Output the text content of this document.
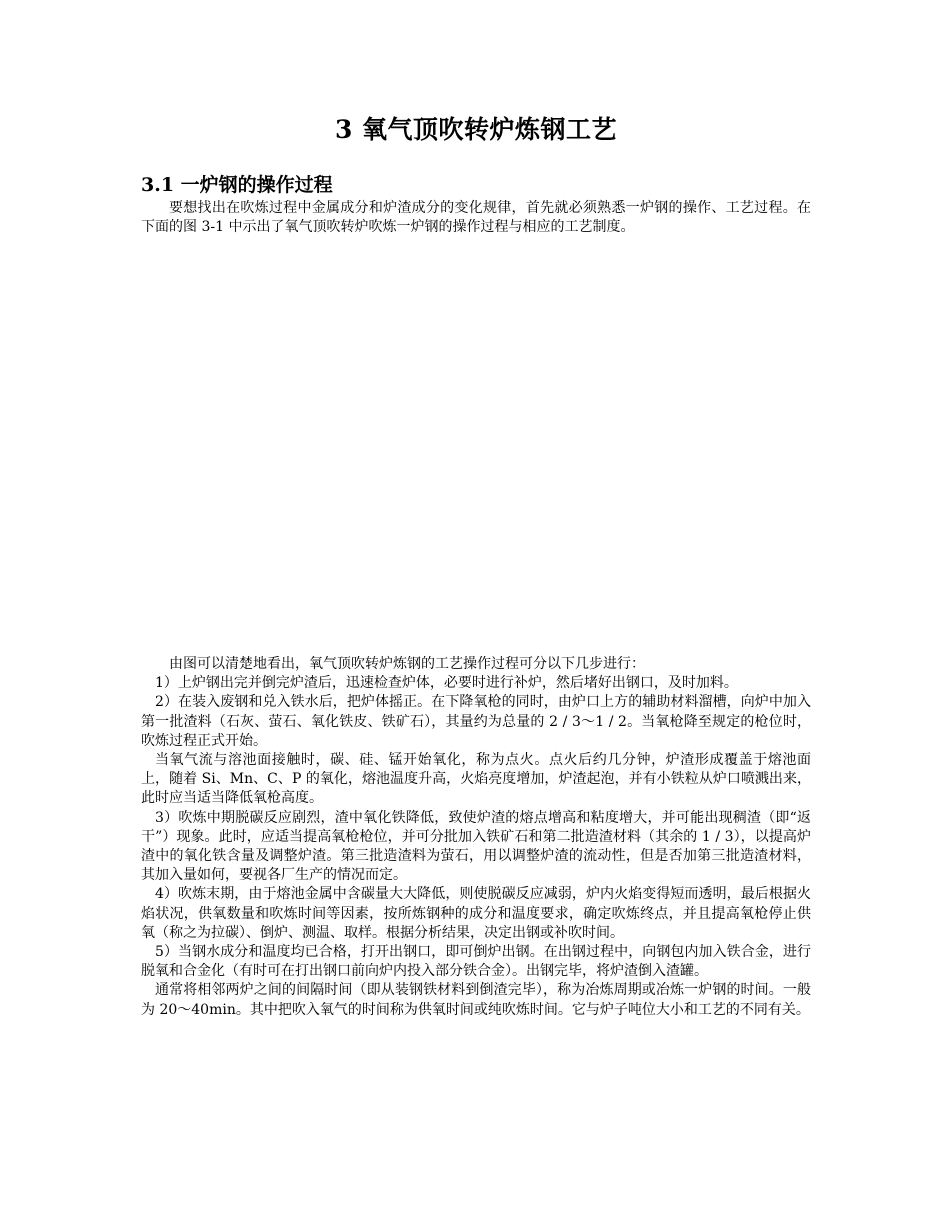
3 氧气顶吹转炉炼钢工艺
3.1 一炉钢的操作过程

要想找出在吹炼过程中金属成分和炉渣成分的变化规律，首先就必须熟悉一炉钢的操作、工艺过程。在下面的图 3-1 中示出了氧气顶吹转炉吹炼一炉钢的操作过程与相应的工艺制度。

由图可以清楚地看出，氧气顶吹转炉炼钢的工艺操作过程可分以下几步进行：

1）上炉钢出完并倒完炉渣后，迅速检查炉体，必要时进行补炉，然后堵好出钢口，及时加料。

2）在装入废钢和兑入铁水后，把炉体摇正。在下降氧枪的同时，由炉口上方的辅助材料溜槽，向炉中加入第一批渣料（石灰、萤石、氧化铁皮、铁矿石），其量约为总量的 2 / 3～1 / 2。当氧枪降至规定的枪位时，吹炼过程正式开始。

当氧气流与溶池面接触时，碳、硅、锰开始氧化，称为点火。点火后约几分钟，炉渣形成覆盖于熔池面上，随着 Si、Mn、C、P 的氧化，熔池温度升高，火焰亮度增加，炉渣起泡，并有小铁粒从炉口喷溅出来，此时应当适当降低氧枪高度。

3）吹炼中期脱碳反应剧烈，渣中氧化铁降低，致使炉渣的熔点增高和粘度增大，并可能出现稠渣（即“返干”）现象。此时，应适当提高氧枪枪位，并可分批加入铁矿石和第二批造渣材料（其余的 1 / 3），以提高炉渣中的氧化铁含量及调整炉渣。第三批造渣料为萤石，用以调整炉渣的流动性，但是否加第三批造渣材料，其加入量如何，要视各厂生产的情况而定。

4）吹炼末期，由于熔池金属中含碳量大大降低，则使脱碳反应减弱，炉内火焰变得短而透明，最后根据火焰状况，供氧数量和吹炼时间等因素，按所炼钢种的成分和温度要求，确定吹炼终点，并且提高氧枪停止供氧（称之为拉碳）、倒炉、测温、取样。根据分析结果，决定出钢或补吹时间。

5）当钢水成分和温度均已合格，打开出钢口，即可倒炉出钢。在出钢过程中，向钢包内加入铁合金，进行脱氧和合金化（有时可在打出钢口前向炉内投入部分铁合金）。出钢完毕，将炉渣倒入渣罐。

通常将相邻两炉之间的间隔时间（即从装钢铁材料到倒渣完毕），称为冶炼周期或冶炼一炉钢的时间。一般为 20～40min。其中把吹入氧气的时间称为供氧时间或纯吹炼时间。它与炉子吨位大小和工艺的不同有关。
